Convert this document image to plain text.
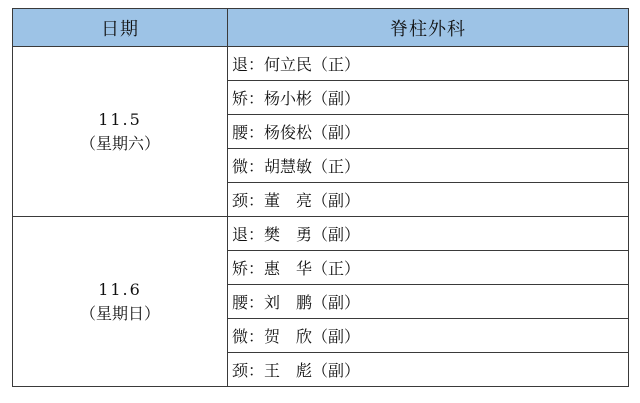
日期	脊柱外科

11.5
（星期六）	退：何立民（正）
	矫：杨小彬（副）
	腰：杨俊松（副）
	微：胡慧敏（正）
	颈：董　亮（副）

11.6
（星期日）	退：樊　勇（副）
	矫：惠　华（正）
	腰：刘　鹏（副）
	微：贺　欣（副）
	颈：王　彪（副）
